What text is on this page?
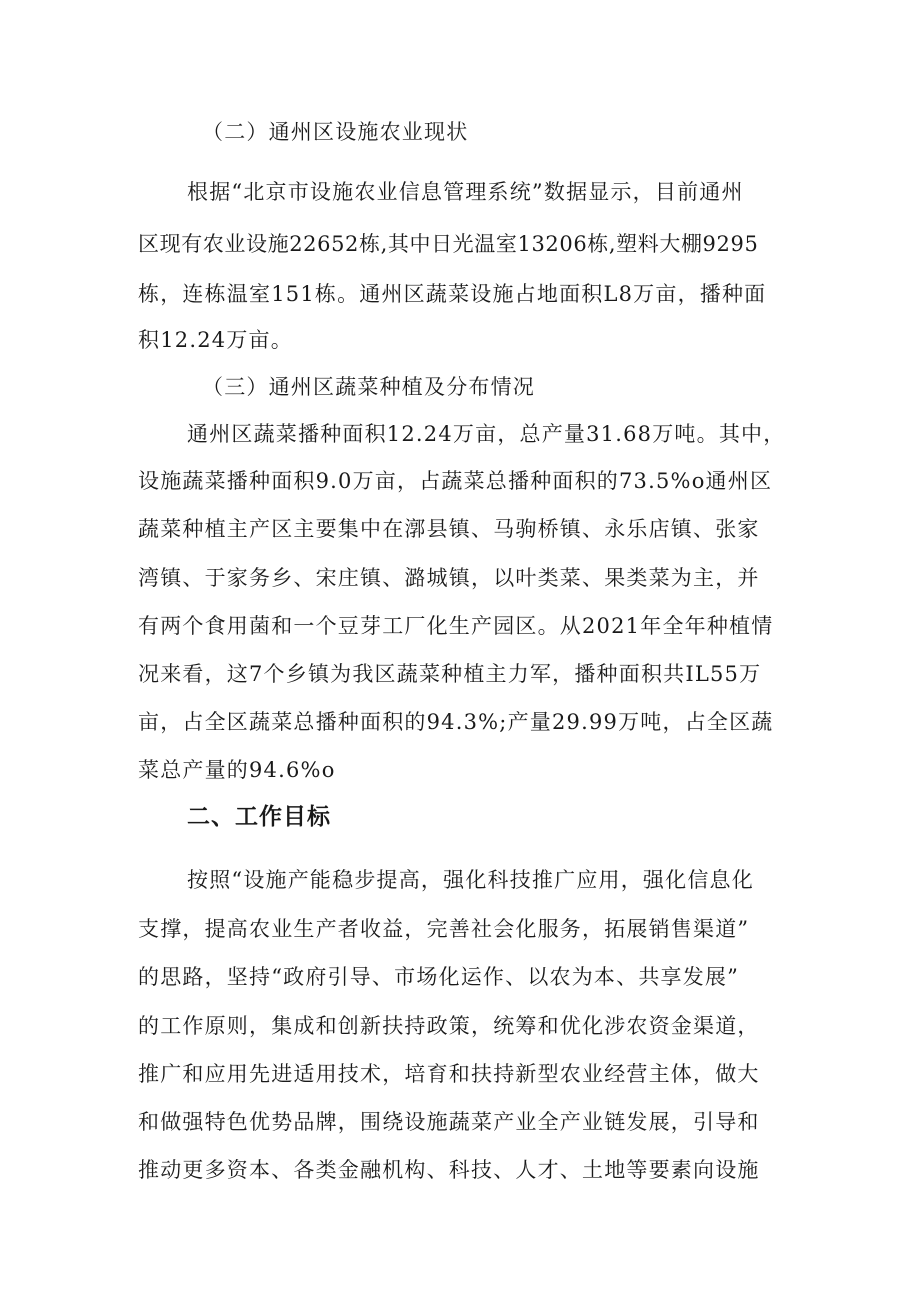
（二）通州区设施农业现状
根据“北京市设施农业信息管理系统”数据显示，目前通州
区现有农业设施22652栋,其中日光温室13206栋,塑料大棚9295
栋，连栋温室151栋。通州区蔬菜设施占地面积L8万亩，播种面
积12.24万亩。
（三）通州区蔬菜种植及分布情况
通州区蔬菜播种面积12.24万亩，总产量31.68万吨。其中，
设施蔬菜播种面积9.0万亩，占蔬菜总播种面积的73.5%o通州区
蔬菜种植主产区主要集中在漷县镇、马驹桥镇、永乐店镇、张家
湾镇、于家务乡、宋庄镇、潞城镇，以叶类菜、果类菜为主，并
有两个食用菌和一个豆芽工厂化生产园区。从2021年全年种植情
况来看，这7个乡镇为我区蔬菜种植主力军，播种面积共IL55万
亩，占全区蔬菜总播种面积的94.3%;产量29.99万吨，占全区蔬
菜总产量的94.6%o
二、工作目标
按照“设施产能稳步提高，强化科技推广应用，强化信息化
支撑，提高农业生产者收益，完善社会化服务，拓展销售渠道”
的思路，坚持“政府引导、市场化运作、以农为本、共享发展”
的工作原则，集成和创新扶持政策，统筹和优化涉农资金渠道，
推广和应用先进适用技术，培育和扶持新型农业经营主体，做大
和做强特色优势品牌，围绕设施蔬菜产业全产业链发展，引导和
推动更多资本、各类金融机构、科技、人才、土地等要素向设施
